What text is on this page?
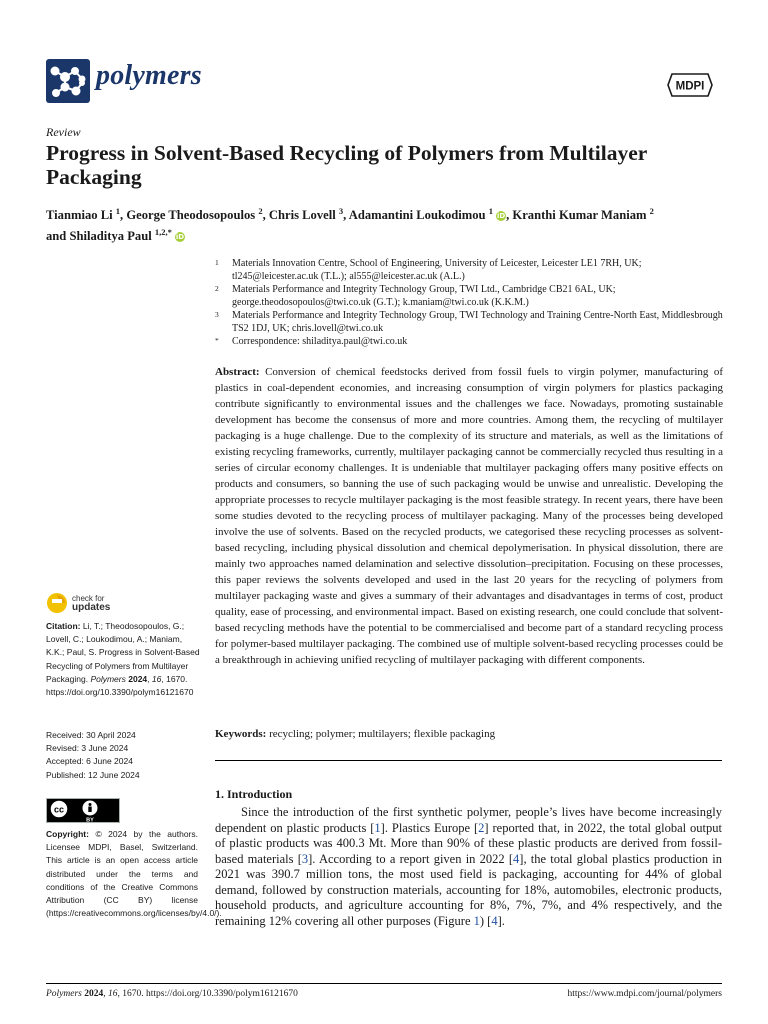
polymers	MDPI
Review
Progress in Solvent-Based Recycling of Polymers from Multilayer Packaging
Tianmiao Li $^1$, George Theodosopoulos $^2$, Chris Lovell $^3$, Adamantini Loukodimou $^1$ iD, Kranthi Kumar Maniam $^2$
and Shiladitya Paul $^{1,2,*}$ iD
1 Materials Innovation Centre, School of Engineering, University of Leicester, Leicester LE1 7RH, UK; tl245@leicester.ac.uk (T.L.); al555@leicester.ac.uk (A.L.)
2 Materials Performance and Integrity Technology Group, TWI Ltd., Cambridge CB21 6AL, UK; george.theodosopoulos@twi.co.uk (G.T.); k.maniam@twi.co.uk (K.K.M.)
3 Materials Performance and Integrity Technology Group, TWI Technology and Training Centre-North East, Middlesbrough TS2 1DJ, UK; chris.lovell@twi.co.uk
* Correspondence: shiladitya.paul@twi.co.uk
Abstract: Conversion of chemical feedstocks derived from fossil fuels to virgin polymer, manufacturing of plastics in coal-dependent economies, and increasing consumption of virgin polymers for plastics packaging contribute significantly to environmental issues and the challenges we face. Nowadays, promoting sustainable development has become the consensus of more and more countries. Among them, the recycling of multilayer packaging is a huge challenge. Due to the complexity of its structure and materials, as well as the limitations of existing recycling frameworks, currently, multilayer packaging cannot be commercially recycled thus resulting in a series of circular economy challenges. It is undeniable that multilayer packaging offers many positive effects on products and consumers, so banning the use of such packaging would be unwise and unrealistic. Developing the appropriate processes to recycle multilayer packaging is the most feasible strategy. In recent years, there have been some studies devoted to the recycling process of multilayer packaging. Many of the processes being developed involve the use of solvents. Based on the recycled products, we categorised these recycling processes as solvent-based recycling, including physical dissolution and chemical depolymerisation. In physical dissolution, there are mainly two approaches named delamination and selective dissolution–precipitation. Focusing on these processes, this paper reviews the solvents developed and used in the last 20 years for the recycling of polymers from multilayer packaging waste and gives a summary of their advantages and disadvantages in terms of cost, product quality, ease of processing, and environmental impact. Based on existing research, one could conclude that solvent-based recycling methods have the potential to be commercialised and become part of a standard recycling process for polymer-based multilayer packaging. The combined use of multiple solvent-based recycling processes could be a breakthrough in achieving unified recycling of multilayer packaging with different components.
Keywords: recycling; polymer; multilayers; flexible packaging
check for
updates
Citation: Li, T.; Theodosopoulos, G.; Lovell, C.; Loukodimou, A.; Maniam, K.K.; Paul, S. Progress in Solvent-Based Recycling of Polymers from Multilayer Packaging. Polymers 2024, 16, 1670. https://doi.org/10.3390/polym16121670
Received: 30 April 2024
Revised: 3 June 2024
Accepted: 6 June 2024
Published: 12 June 2024
cc
BY
Copyright: © 2024 by the authors. Licensee MDPI, Basel, Switzerland. This article is an open access article distributed under the terms and conditions of the Creative Commons Attribution (CC BY) license (https://creativecommons.org/licenses/by/4.0/).
1. Introduction
Since the introduction of the first synthetic polymer, people’s lives have become increasingly dependent on plastic products [1]. Plastics Europe [2] reported that, in 2022, the total global output of plastic products was 400.3 Mt. More than 90% of these plastic products are derived from fossil-based materials [3]. According to a report given in 2022 [4], the total global plastics production in 2021 was 390.7 million tons, the most used field is packaging, accounting for 44% of global demand, followed by construction materials, accounting for 18%, automobiles, electronic products, household products, and agriculture accounting for 8%, 7%, 7%, and 4% respectively, and the remaining 12% covering all other purposes (Figure 1) [4].
Polymers 2024, 16, 1670. https://doi.org/10.3390/polym16121670	https://www.mdpi.com/journal/polymers
